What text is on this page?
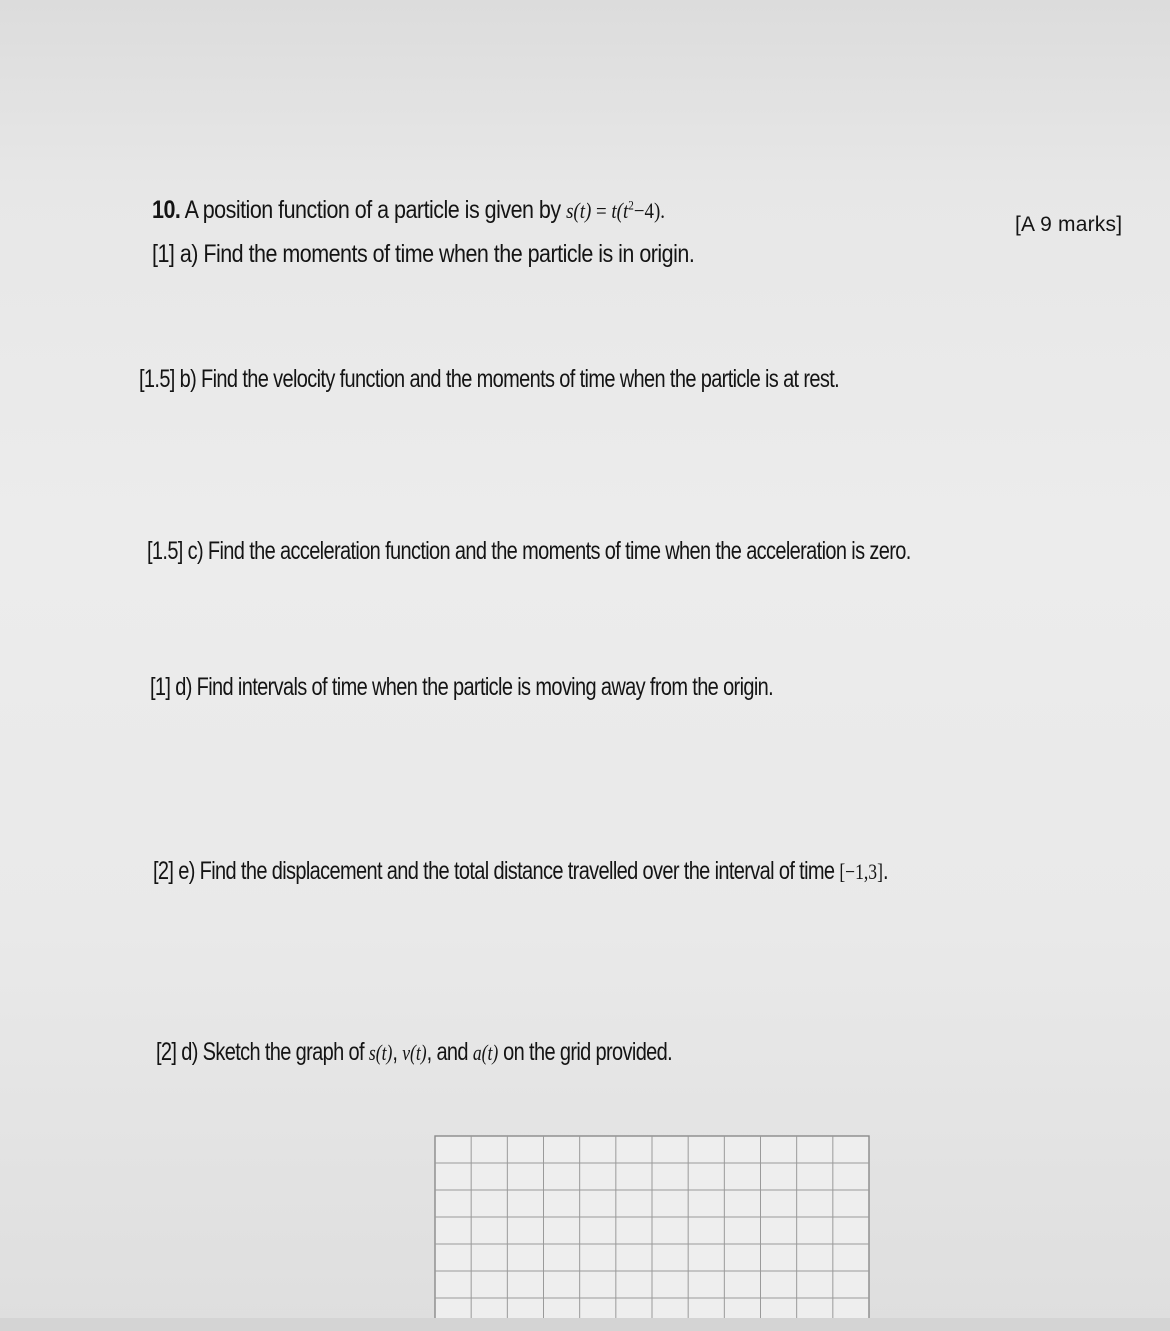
10. A position function of a particle is given by $s(t) = t(t^2-4)$.
[A 9 marks]
[1] a) Find the moments of time when the particle is in origin.
[1.5] b) Find the velocity function and the moments of time when the particle is at rest.
[1.5] c) Find the acceleration function and the moments of time when the acceleration is zero.
[1] d) Find intervals of time when the particle is moving away from the origin.
[2] e) Find the displacement and the total distance travelled over the interval of time [−1,3].
[2] d) Sketch the graph of s(t), v(t), and a(t) on the grid provided.
